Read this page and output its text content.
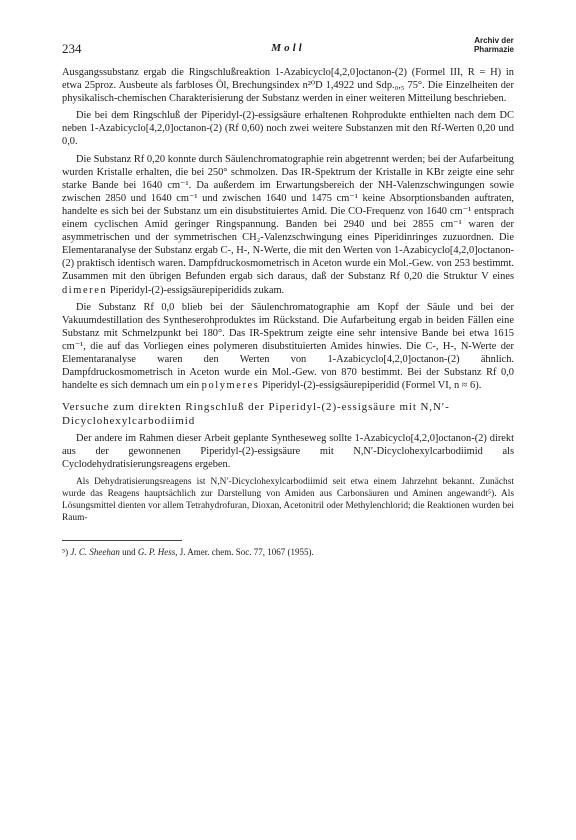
234	Moll
Archiv der
Pharmazie

Ausgangssubstanz ergab die Ringschlußreaktion 1-Azabicyclo[4,2,0]octanon-(2) (Formel III, R = H) in etwa 25proz. Ausbeute als farbloses Öl, Brechungsindex n²⁰D 1,4922 und Sdp.₀,₅ 75°. Die Einzelheiten der physikalisch-chemischen Charakterisierung der Substanz werden in einer weiteren Mitteilung beschrieben.

Die bei dem Ringschluß der Piperidyl-(2)-essigsäure erhaltenen Rohprodukte enthielten nach dem DC neben 1-Azabicyclo[4,2,0]octanon-(2) (Rf 0,60) noch zwei weitere Substanzen mit den Rf-Werten 0,20 und 0,0.

Die Substanz Rf 0,20 konnte durch Säulenchromatographie rein abgetrennt werden; bei der Aufarbeitung wurden Kristalle erhalten, die bei 250° schmolzen. Das IR-Spektrum der Kristalle in KBr zeigte eine sehr starke Bande bei 1640 cm⁻¹. Da außerdem im Erwartungsbereich der NH-Valenzschwingungen sowie zwischen 2850 und 1640 cm⁻¹ und zwischen 1640 und 1475 cm⁻¹ keine Absorptionsbanden auftraten, handelte es sich bei der Substanz um ein disubstituiertes Amid. Die CO-Frequenz von 1640 cm⁻¹ entsprach einem cyclischen Amid geringer Ringspannung. Banden bei 2940 und bei 2855 cm⁻¹ waren der asymmetrischen und der symmetrischen CH₂-Valenzschwingung eines Piperidinringes zuzuordnen. Die Elementaranalyse der Substanz ergab C-, H-, N-Werte, die mit den Werten von 1-Azabicyclo[4,2,0]octanon-(2) praktisch identisch waren. Dampfdruckosmometrisch in Aceton wurde ein Mol.-Gew. von 253 bestimmt. Zusammen mit den übrigen Befunden ergab sich daraus, daß der Substanz Rf 0,20 die Struktur V eines dimeren Piperidyl-(2)-essigsäurepiperidids zukam.

Die Substanz Rf 0,0 blieb bei der Säulenchromatographie am Kopf der Säule und bei der Vakuumdestillation des Syntheserohproduktes im Rückstand. Die Aufarbeitung ergab in beiden Fällen eine Substanz mit Schmelzpunkt bei 180°. Das IR-Spektrum zeigte eine sehr intensive Bande bei etwa 1615 cm⁻¹, die auf das Vorliegen eines polymeren disubstituierten Amides hinwies. Die C-, H-, N-Werte der Elementaranalyse waren den Werten von 1-Azabicyclo[4,2,0]octanon-(2) ähnlich. Dampfdruckosmometrisch in Aceton wurde ein Mol.-Gew. von 870 bestimmt. Bei der Substanz Rf 0,0 handelte es sich demnach um ein polymeres Piperidyl-(2)-essigsäurepiperidid (Formel VI, n ≈ 6).

Versuche zum direkten Ringschluß der Piperidyl-(2)-essigsäure mit N,N′-Dicyclohexylcarbodiimid

Der andere im Rahmen dieser Arbeit geplante Syntheseweg sollte 1-Azabicyclo[4,2,0]octanon-(2) direkt aus der gewonnenen Piperidyl-(2)-essigsäure mit N,N′-Dicyclohexylcarbodiimid als Cyclodehydratisierungsreagens ergeben.

Als Dehydratisierungsreagens ist N,N′-Dicyclohexylcarbodiimid seit etwa einem Jahrzehnt bekannt. Zunächst wurde das Reagens hauptsächlich zur Darstellung von Amiden aus Carbonsäuren und Aminen angewandt⁵). Als Lösungsmittel dienten vor allem Tetrahydrofuran, Dioxan, Acetonitril oder Methylenchlorid; die Reaktionen wurden bei Raum-

⁵) J. C. Sheehan und G. P. Hess, J. Amer. chem. Soc. 77, 1067 (1955).
